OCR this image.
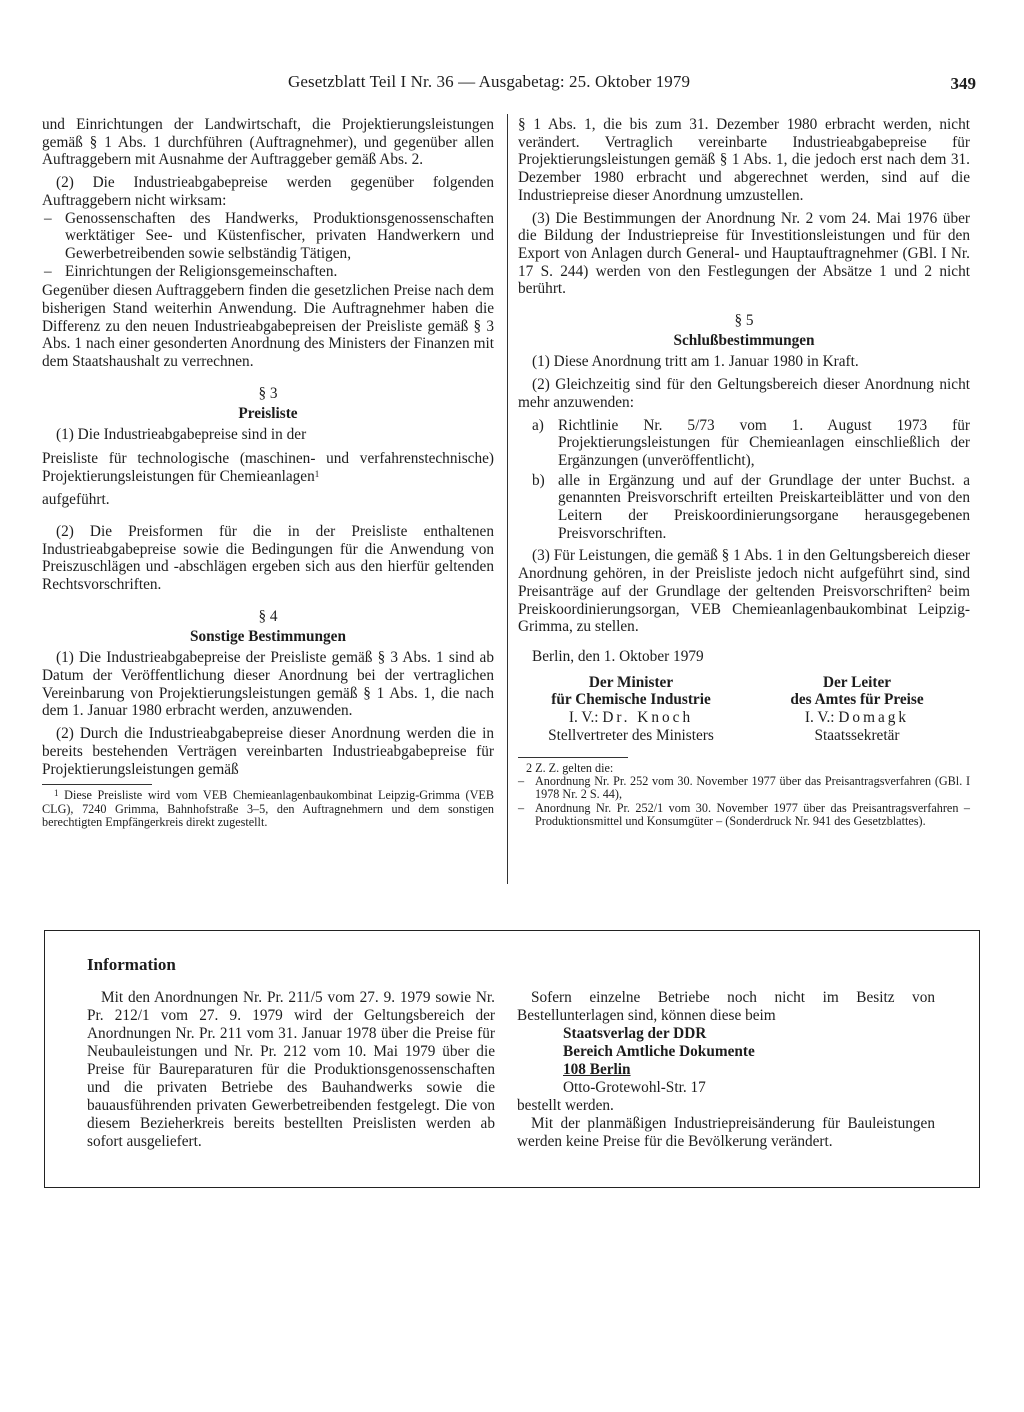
Gesetzblatt Teil I Nr. 36 — Ausgabetag: 25. Oktober 1979	349

und Einrichtungen der Landwirtschaft, die Projektierungsleistungen gemäß § 1 Abs. 1 durchführen (Auftragnehmer), und gegenüber allen Auftraggebern mit Ausnahme der Auftraggeber gemäß Abs. 2.

(2) Die Industrieabgabepreise werden gegenüber folgenden Auftraggebern nicht wirksam:

– Genossenschaften des Handwerks, Produktionsgenossenschaften werktätiger See- und Küstenfischer, privaten Handwerkern und Gewerbetreibenden sowie selbständig Tätigen,
– Einrichtungen der Religionsgemeinschaften.

Gegenüber diesen Auftraggebern finden die gesetzlichen Preise nach dem bisherigen Stand weiterhin Anwendung. Die Auftragnehmer haben die Differenz zu den neuen Industrieabgabepreisen der Preisliste gemäß § 3 Abs. 1 nach einer gesonderten Anordnung des Ministers der Finanzen mit dem Staatshaushalt zu verrechnen.

§ 3
Preisliste

(1) Die Industrieabgabepreise sind in der

Preisliste für technologische (maschinen- und verfahrenstechnische) Projektierungsleistungen für Chemieanlagen$^1$

aufgeführt.

(2) Die Preisformen für die in der Preisliste enthaltenen Industrieabgabepreise sowie die Bedingungen für die Anwendung von Preiszuschlägen und -abschlägen ergeben sich aus den hierfür geltenden Rechtsvorschriften.

§ 4
Sonstige Bestimmungen

(1) Die Industrieabgabepreise der Preisliste gemäß § 3 Abs. 1 sind ab Datum der Veröffentlichung dieser Anordnung bei der vertraglichen Vereinbarung von Projektierungsleistungen gemäß § 1 Abs. 1, die nach dem 1. Januar 1980 erbracht werden, anzuwenden.

(2) Durch die Industrieabgabepreise dieser Anordnung werden die in bereits bestehenden Verträgen vereinbarten Industrieabgabepreise für Projektierungsleistungen gemäß

$^1$ Diese Preisliste wird vom VEB Chemieanlagenbaukombinat Leipzig-Grimma (VEB CLG), 7240 Grimma, Bahnhofstraße 3–5, den Auftragnehmern und dem sonstigen berechtigten Empfängerkreis direkt zugestellt.

§ 1 Abs. 1, die bis zum 31. Dezember 1980 erbracht werden, nicht verändert. Vertraglich vereinbarte Industrieabgabepreise für Projektierungsleistungen gemäß § 1 Abs. 1, die jedoch erst nach dem 31. Dezember 1980 erbracht und abgerechnet werden, sind auf die Industriepreise dieser Anordnung umzustellen.

(3) Die Bestimmungen der Anordnung Nr. 2 vom 24. Mai 1976 über die Bildung der Industriepreise für Investitionsleistungen und für den Export von Anlagen durch General- und Hauptauftragnehmer (GBl. I Nr. 17 S. 244) werden von den Festlegungen der Absätze 1 und 2 nicht berührt.

§ 5
Schlußbestimmungen

(1) Diese Anordnung tritt am 1. Januar 1980 in Kraft.

(2) Gleichzeitig sind für den Geltungsbereich dieser Anordnung nicht mehr anzuwenden:

a) Richtlinie Nr. 5/73 vom 1. August 1973 für Projektierungsleistungen für Chemieanlagen einschließlich der Ergänzungen (unveröffentlicht),
b) alle in Ergänzung und auf der Grundlage der unter Buchst. a genannten Preisvorschrift erteilten Preiskarteiblätter und von den Leitern der Preiskoordinierungsorgane herausgegebenen Preisvorschriften.

(3) Für Leistungen, die gemäß § 1 Abs. 1 in den Geltungsbereich dieser Anordnung gehören, in der Preisliste jedoch nicht aufgeführt sind, sind Preisanträge auf der Grundlage der geltenden Preisvorschriften$^2$ beim Preiskoordinierungsorgan, VEB Chemieanlagenbaukombinat Leipzig-Grimma, zu stellen.

Berlin, den 1. Oktober 1979

Der Minister
für Chemische Industrie
I. V.: Dr. Knoch
Stellvertreter des Ministers
Der Leiter
des Amtes für Preise
I. V.: Domagk
Staatssekretär

2 Z. Z. gelten die:

– Anordnung Nr. Pr. 252 vom 30. November 1977 über das Preisantragsverfahren (GBl. I 1978 Nr. 2 S. 44),

– Anordnung Nr. Pr. 252/1 vom 30. November 1977 über das Preisantragsverfahren – Produktionsmittel und Konsumgüter – (Sonderdruck Nr. 941 des Gesetzblattes).

Information

Mit den Anordnungen Nr. Pr. 211/5 vom 27. 9. 1979 sowie Nr. Pr. 212/1 vom 27. 9. 1979 wird der Geltungsbereich der Anordnungen Nr. Pr. 211 vom 31. Januar 1978 über die Preise für Neubauleistungen und Nr. Pr. 212 vom 10. Mai 1979 über die Preise für Baureparaturen für die Produktionsgenossenschaften und die privaten Betriebe des Bauhandwerks sowie die bauausführenden privaten Gewerbetreibenden festgelegt. Die von diesem Bezieherkreis bereits bestellten Preislisten werden ab sofort ausgeliefert.

Sofern einzelne Betriebe noch nicht im Besitz von Bestellunterlagen sind, können diese beim

Staatsverlag der DDR
Bereich Amtliche Dokumente
108 Berlin
Otto-Grotewohl-Str. 17

bestellt werden.

Mit der planmäßigen Industriepreisänderung für Bauleistungen werden keine Preise für die Bevölkerung verändert.
